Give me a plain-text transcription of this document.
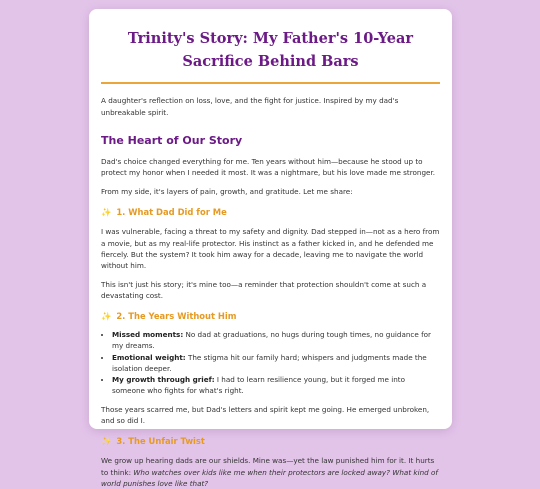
Trinity's Story: My Father's 10-Year Sacrifice Behind Bars

A daughter's reflection on loss, love, and the fight for justice. Inspired by my dad's unbreakable spirit.

The Heart of Our Story

Dad's choice changed everything for me. Ten years without him—because he stood up to protect my honor when I needed it most. It was a nightmare, but his love made me stronger.

From my side, it's layers of pain, growth, and gratitude. Let me share:

✨ 1. What Dad Did for Me

I was vulnerable, facing a threat to my safety and dignity. Dad stepped in—not as a hero from a movie, but as my real-life protector. His instinct as a father kicked in, and he defended me fiercely. But the system? It took him away for a decade, leaving me to navigate the world without him.

This isn't just his story; it's mine too—a reminder that protection shouldn't come at such a devastating cost.

✨ 2. The Years Without Him
• Missed moments: No dad at graduations, no hugs during tough times, no guidance for my dreams.
• Emotional weight: The stigma hit our family hard; whispers and judgments made the isolation deeper.
• My growth through grief: I had to learn resilience young, but it forged me into someone who fights for what's right.

Those years scarred me, but Dad's letters and spirit kept me going. He emerged unbroken, and so did I.

✨ 3. The Unfair Twist

We grow up hearing dads are our shields. Mine was—yet the law punished him for it. It hurts to think: Who watches over kids like me when their protectors are locked away? What kind of world punishes love like that?
